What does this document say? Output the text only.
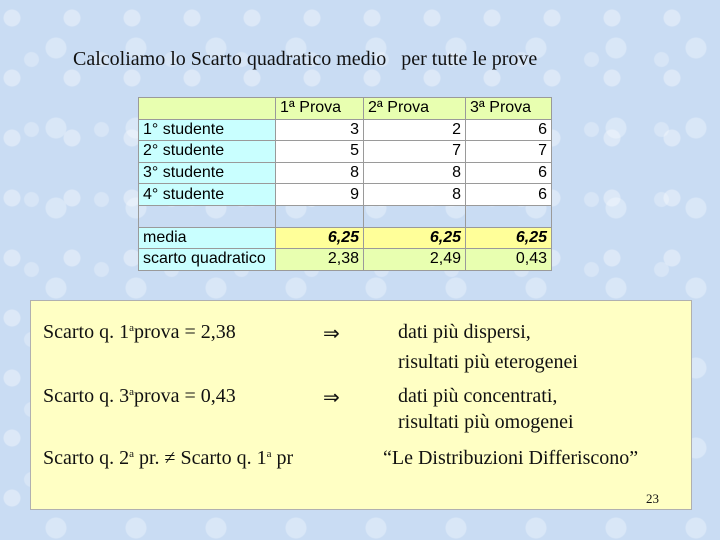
Calcoliamo lo Scarto quadratico medio   per tutte le prove
	1ª Prova	2ª Prova	3ª Prova
1° studente	3	2	6
2° studente	5	7	7
3° studente	8	8	6
4° studente	9	8	6

media	6,25	6,25	6,25
scarto quadratico	2,38	2,49	0,43
Scarto q. $1^aprova = 2,38$	⇒	dati più dispersi,
risultati più eterogenei
Scarto q. $3^aprova = 0,43$	⇒	dati più concentrati,
risultati più omogenei
Scarto q. 2$^a$ pr. ≠ Scarto q. 1$^a$ pr	“Le Distribuzioni Differiscono”
23
